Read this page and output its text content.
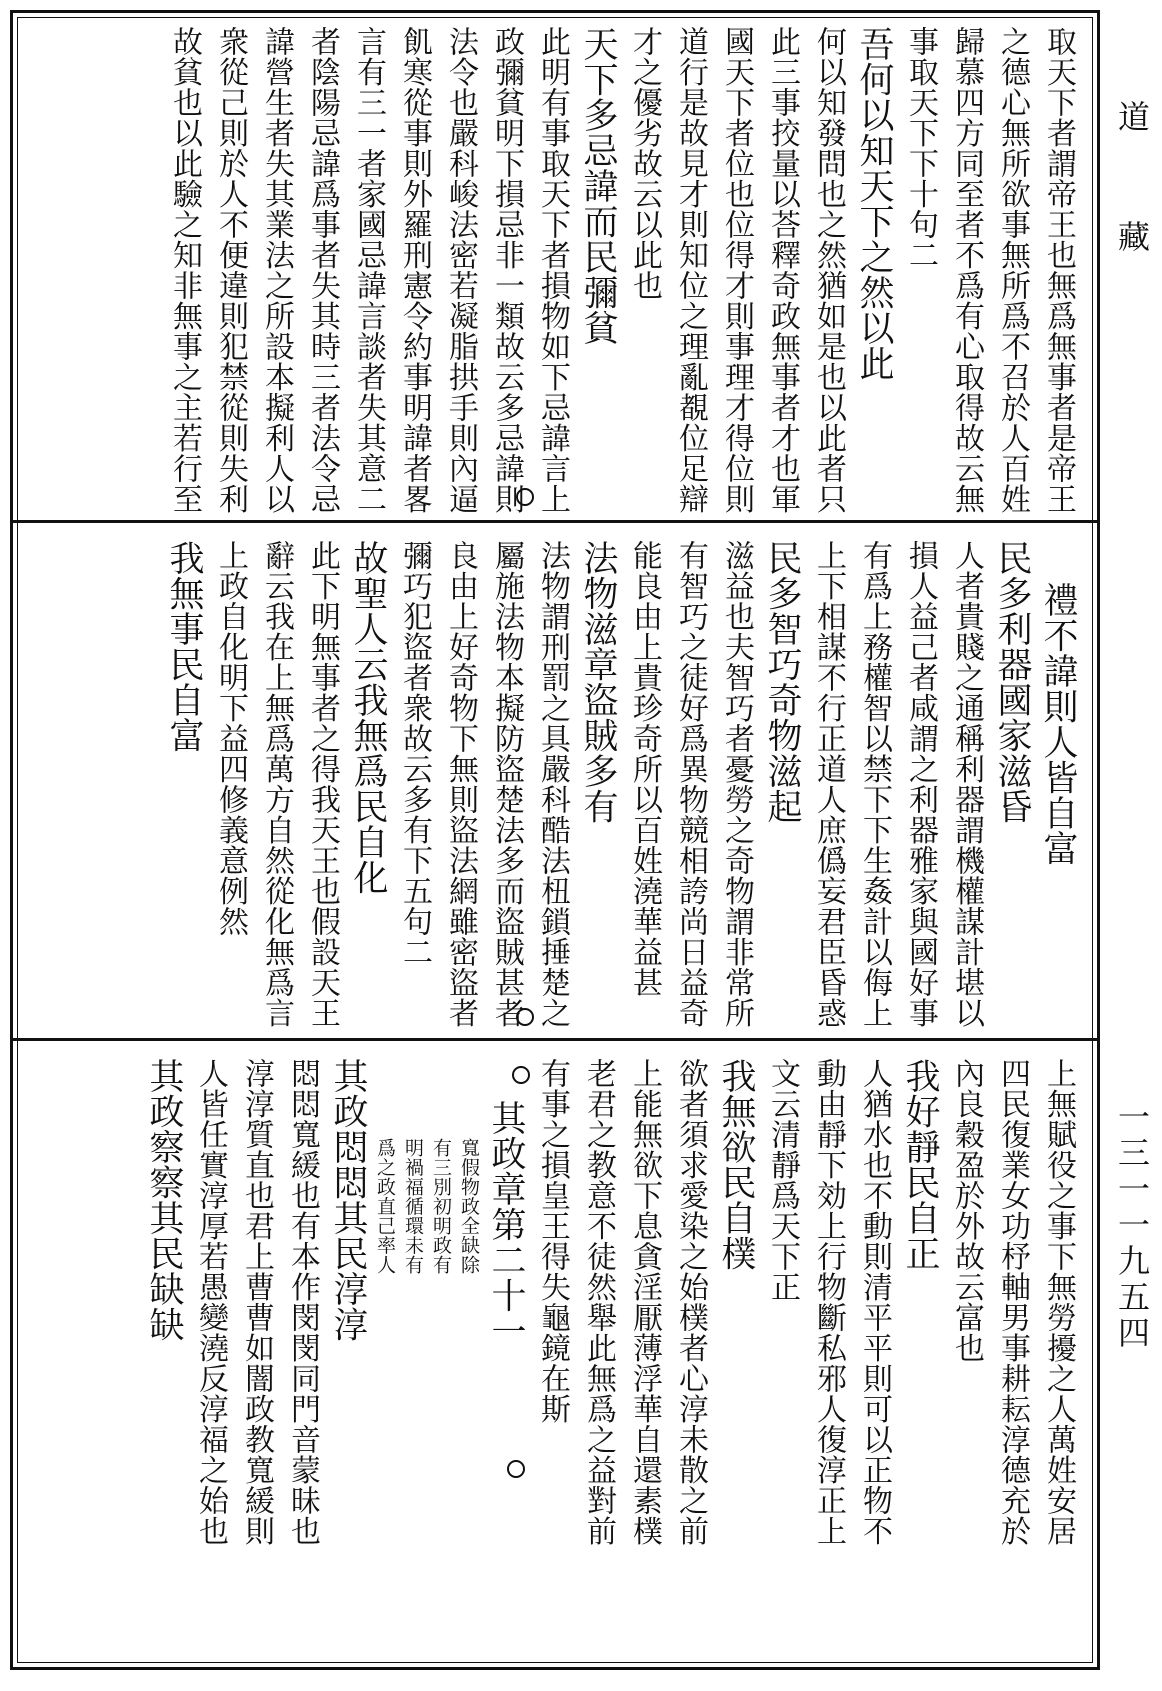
道藏
一三一一九五四
取天下者謂帝王也無爲無事者是帝王
之德心無所欲事無所爲不召於人百姓
歸慕四方同至者不爲有心取得故云無
事取天下下十句二
吾何以知天下之然以此
何以知發問也之然猶如是也以此者只
此三事挍量以荅釋奇政無事者才也軍
國天下者位也位得才則事理才得位則
道行是故見才則知位之理亂覩位足辯
才之優劣故云以此也
天下多忌諱而民彌貧
此明有事取天下者損物如下忌諱言上
政彌貧明下損忌非一類故云多忌諱則
法令也嚴科峻法密若凝脂拱手則內逼
飢寒從事則外羅刑憲令約事明諱者畧
言有三一者家國忌諱言談者失其意二
者陰陽忌諱爲事者失其時三者法令忌
諱營生者失其業法之所設本擬利人以
衆從己則於人不便違則犯禁從則失利
故貧也以此驗之知非無事之主若行至
禮不諱則人皆自富
民多利器國家滋昏
人者貴賤之通稱利器謂機權謀計堪以
損人益己者咸謂之利器雅家與國好事
有爲上務權智以禁下下生姦計以侮上
上下相謀不行正道人庶僞妄君臣昏惑
民多智巧奇物滋起
滋益也夫智巧者憂勞之奇物謂非常所
有智巧之徒好爲異物競相誇尚日益奇
能良由上貴珍奇所以百姓澆華益甚
法物滋章盜賊多有
法物謂刑罰之具嚴科酷法杻鎖捶楚之
屬施法物本擬防盜楚法多而盜賊甚者
良由上好奇物下無則盜法網雖密盜者
彌巧犯盜者衆故云多有下五句二
故聖人云我無爲民自化
此下明無事者之得我天王也假設天王
辭云我在上無爲萬方自然從化無爲言
上政自化明下益四修義意例然
我無事民自富
上無賦役之事下無勞擾之人萬姓安居
四民復業女功杼軸男事耕耘淳德充於
內良穀盈於外故云富也
我好靜民自正
人猶水也不動則清平平則可以正物不
動由靜下効上行物斷私邪人復淳正上
文云清靜爲天下正
我無欲民自樸
欲者須求愛染之始樸者心淳未散之前
上能無欲下息貪淫厭薄浮華自還素樸
老君之教意不徒然舉此無爲之益對前
有事之損皇王得失龜鏡在斯
其政章第二十一
寬假物政全缺除
有三別初明政有
明禍福循環未有
爲之政直己率人
其政悶悶其民淳淳
悶悶寬緩也有本作閔閔同門音蒙昧也
淳淳質直也君上曹曹如闇政教寬緩則
人皆任實淳厚若愚變澆反淳福之始也
其政察察其民缺缺
